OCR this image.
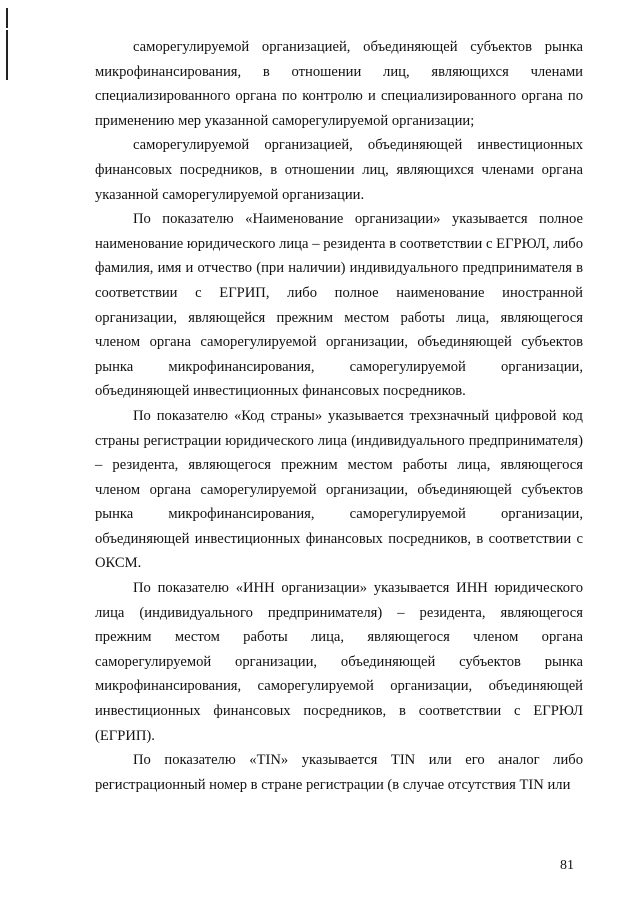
саморегулируемой организацией, объединяющей субъектов рынка микрофинансирования, в отношении лиц, являющихся членами специализированного органа по контролю и специализированного органа по применению мер указанной саморегулируемой организации;

саморегулируемой организацией, объединяющей инвестиционных финансовых посредников, в отношении лиц, являющихся членами органа указанной саморегулируемой организации.

По показателю «Наименование организации» указывается полное наименование юридического лица – резидента в соответствии с ЕГРЮЛ, либо фамилия, имя и отчество (при наличии) индивидуального предпринимателя в соответствии с ЕГРИП, либо полное наименование иностранной организации, являющейся прежним местом работы лица, являющегося членом органа саморегулируемой организации, объединяющей субъектов рынка микрофинансирования, саморегулируемой организации, объединяющей инвестиционных финансовых посредников.

По показателю «Код страны» указывается трехзначный цифровой код страны регистрации юридического лица (индивидуального предпринимателя) – резидента, являющегося прежним местом работы лица, являющегося членом органа саморегулируемой организации, объединяющей субъектов рынка микрофинансирования, саморегулируемой организации, объединяющей инвестиционных финансовых посредников, в соответствии с ОКСМ.

По показателю «ИНН организации» указывается ИНН юридического лица (индивидуального предпринимателя) – резидента, являющегося прежним местом работы лица, являющегося членом органа саморегулируемой организации, объединяющей субъектов рынка микрофинансирования, саморегулируемой организации, объединяющей инвестиционных финансовых посредников, в соответствии с ЕГРЮЛ (ЕГРИП).

По показателю «TIN» указывается TIN или его аналог либо регистрационный номер в стране регистрации (в случае отсутствия TIN или

81
